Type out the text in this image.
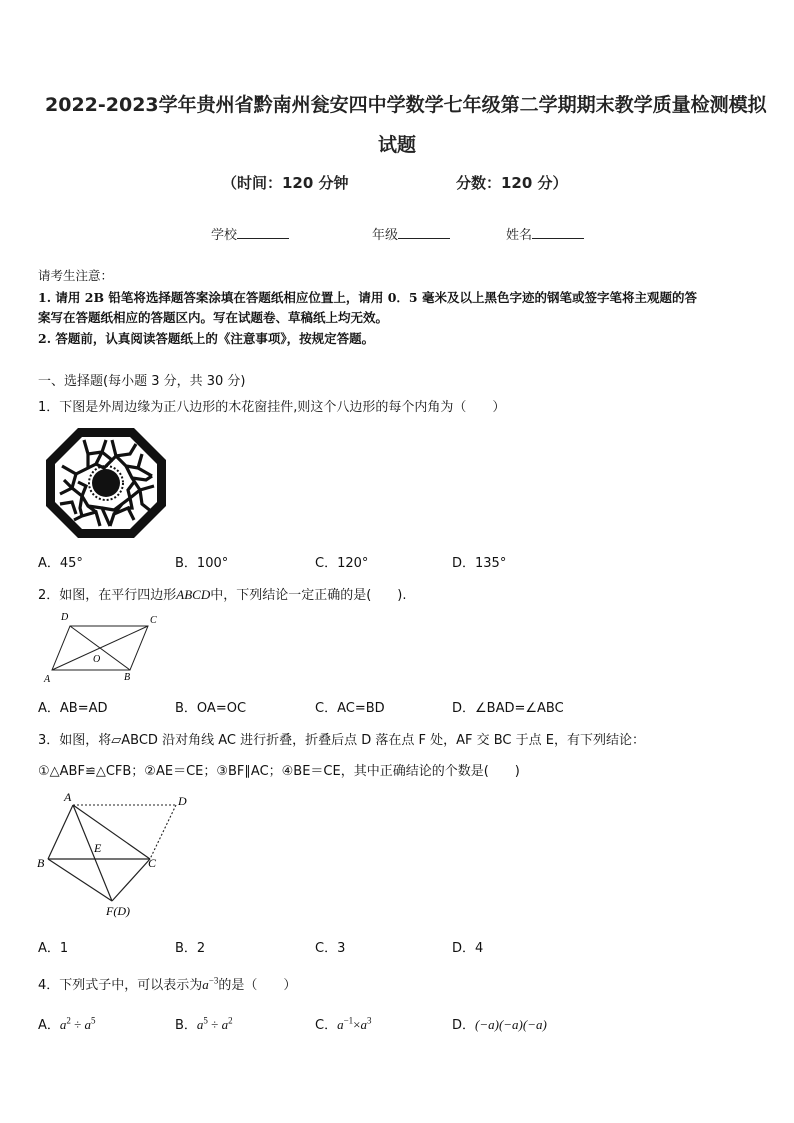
2022-2023学年贵州省黔南州瓮安四中学数学七年级第二学期期末教学质量检测模拟
试题
（时间：120 分钟	分数：120 分）
学校	年级	姓名
请考生注意：
1. 请用 2B 铅笔将选择题答案涂填在答题纸相应位置上，请用 0．5 毫米及以上黑色字迹的钢笔或签字笔将主观题的答
案写在答题纸相应的答题区内。写在试题卷、草稿纸上均无效。
2. 答题前，认真阅读答题纸上的《注意事项》，按规定答题。
一、选择题(每小题 3 分，共 30 分)
1．下图是外周边缘为正八边形的木花窗挂件,则这个八边形的每个内角为（　　）
A．45°	B．100°	C．120°	D．135°
2．如图，在平行四边形ABCD中，下列结论一定正确的是(　　).
A	B
C
D
O
A．AB=AD	B．OA=OC	C．AC=BD	D．∠BAD=∠ABC
3．如图，将▱ABCD 沿对角线 AC 进行折叠，折叠后点 D 落在点 F 处，AF 交 BC 于点 E，有下列结论：
①△ABF≌△CFB；②AE＝CE；③BF∥AC；④BE＝CE，其中正确结论的个数是(　　)
A
B	C
D
E
F(D)
A．1	B．2	C．3	D．4
4．下列式子中，可以表示为$a^{-3}$的是（　　）
A．$a^2 \div a^5$	B．$a^5 \div a^2$	C．$a^{-1}\times a^3$	D．(−a)(−a)(−a)
